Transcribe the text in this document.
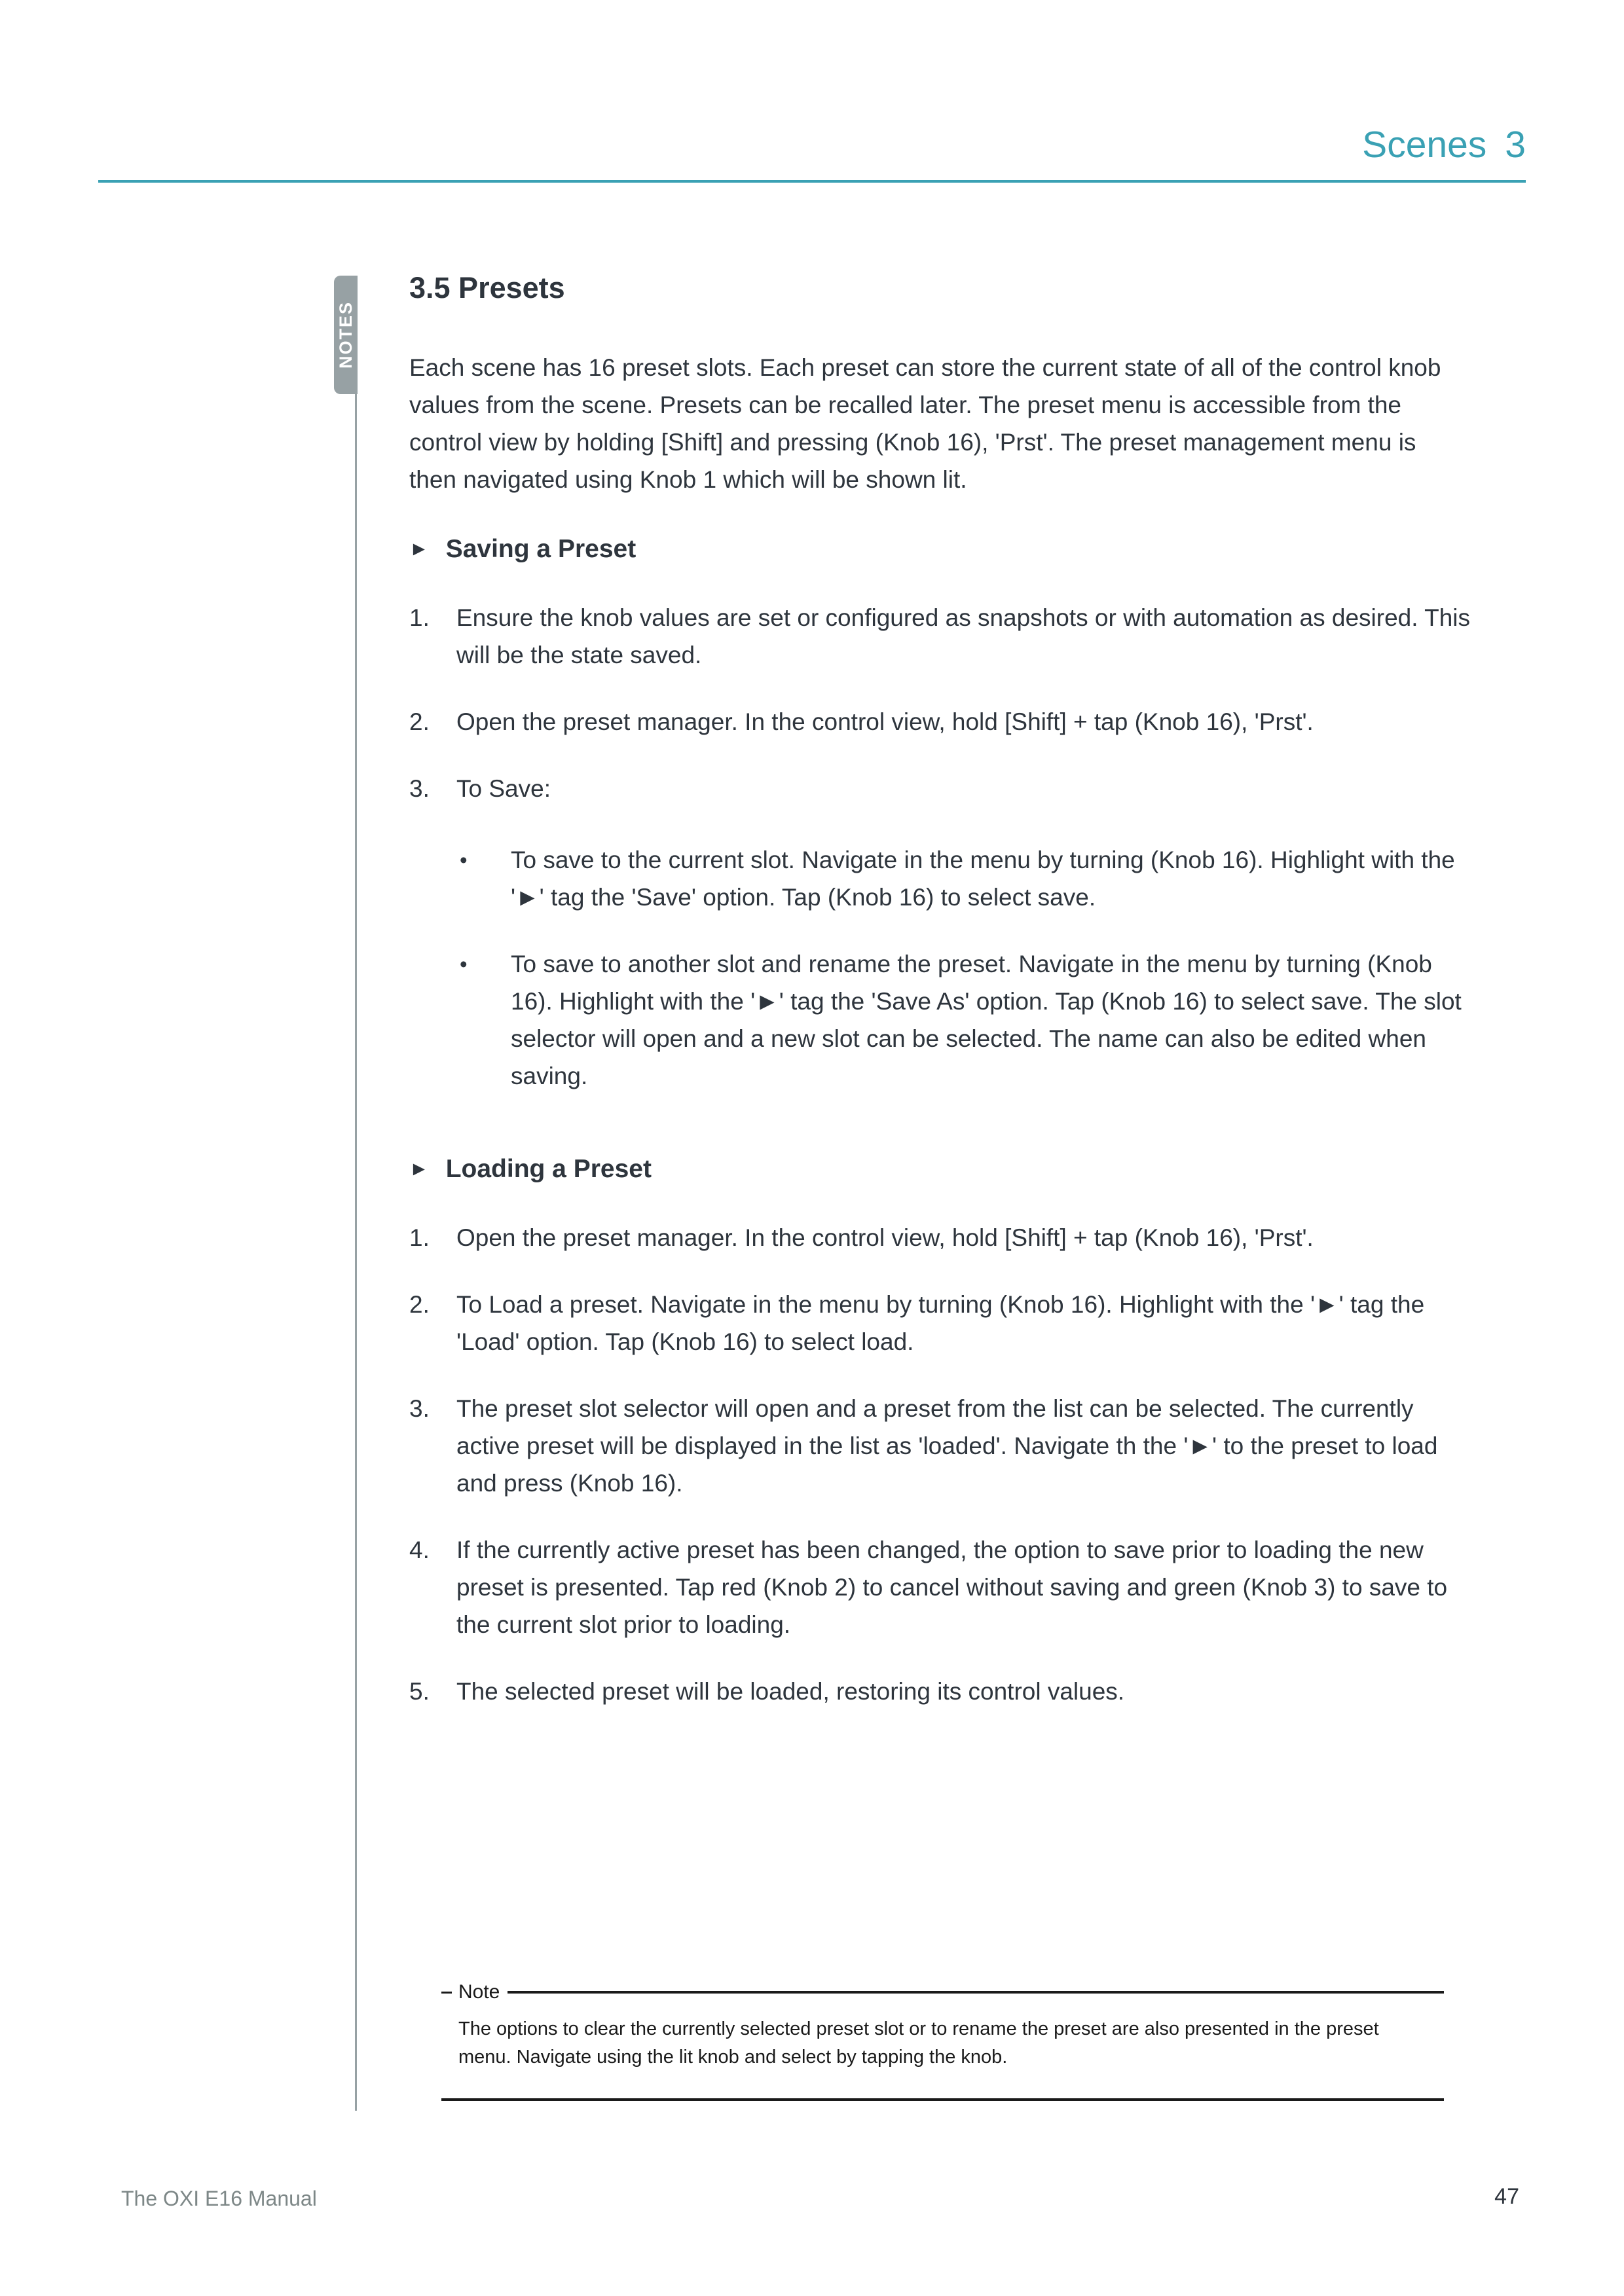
Scenes 3
NOTES
3.5 Presets

Each scene has 16 preset slots. Each preset can store the current state of all of the control knob values from the scene. Presets can be recalled later. The preset menu is accessible from the control view by holding [Shift] and pressing (Knob 16), 'Prst'. The preset management menu is then navigated using Knob 1 which will be shown lit.

► Saving a Preset
1.	Ensure the knob values are set or configured as snapshots or with automation as desired. This will be the state saved.
2.	Open the preset manager. In the control view, hold [Shift] + tap (Knob 16), 'Prst'.
3.	To Save:
•	To save to the current slot. Navigate in the menu by turning (Knob 16). Highlight with the '►' tag the 'Save' option. Tap (Knob 16) to select save.
•	To save to another slot and rename the preset. Navigate in the menu by turning (Knob 16). Highlight with the '►' tag the 'Save As' option. Tap (Knob 16) to select save. The slot selector will open and a new slot can be selected. The name can also be edited when saving.
► Loading a Preset
1.	Open the preset manager. In the control view, hold [Shift] + tap (Knob 16), 'Prst'.
2.	To Load a preset. Navigate in the menu by turning (Knob 16). Highlight with the '►' tag the 'Load' option. Tap (Knob 16) to select load.
3.	The preset slot selector will open and a preset from the list can be selected. The currently active preset will be displayed in the list as 'loaded'. Navigate th the '►' to the preset to load and press (Knob 16).
4.	If the currently active preset has been changed, the option to save prior to loading the new preset is presented. Tap red (Knob 2) to cancel without saving and green (Knob 3) to save to the current slot prior to loading.
5.	The selected preset will be loaded, restoring its control values.
Note
The options to clear the currently selected preset slot or to rename the preset are also presented in the preset menu. Navigate using the lit knob and select by tapping the knob.
The OXI E16 Manual	47
